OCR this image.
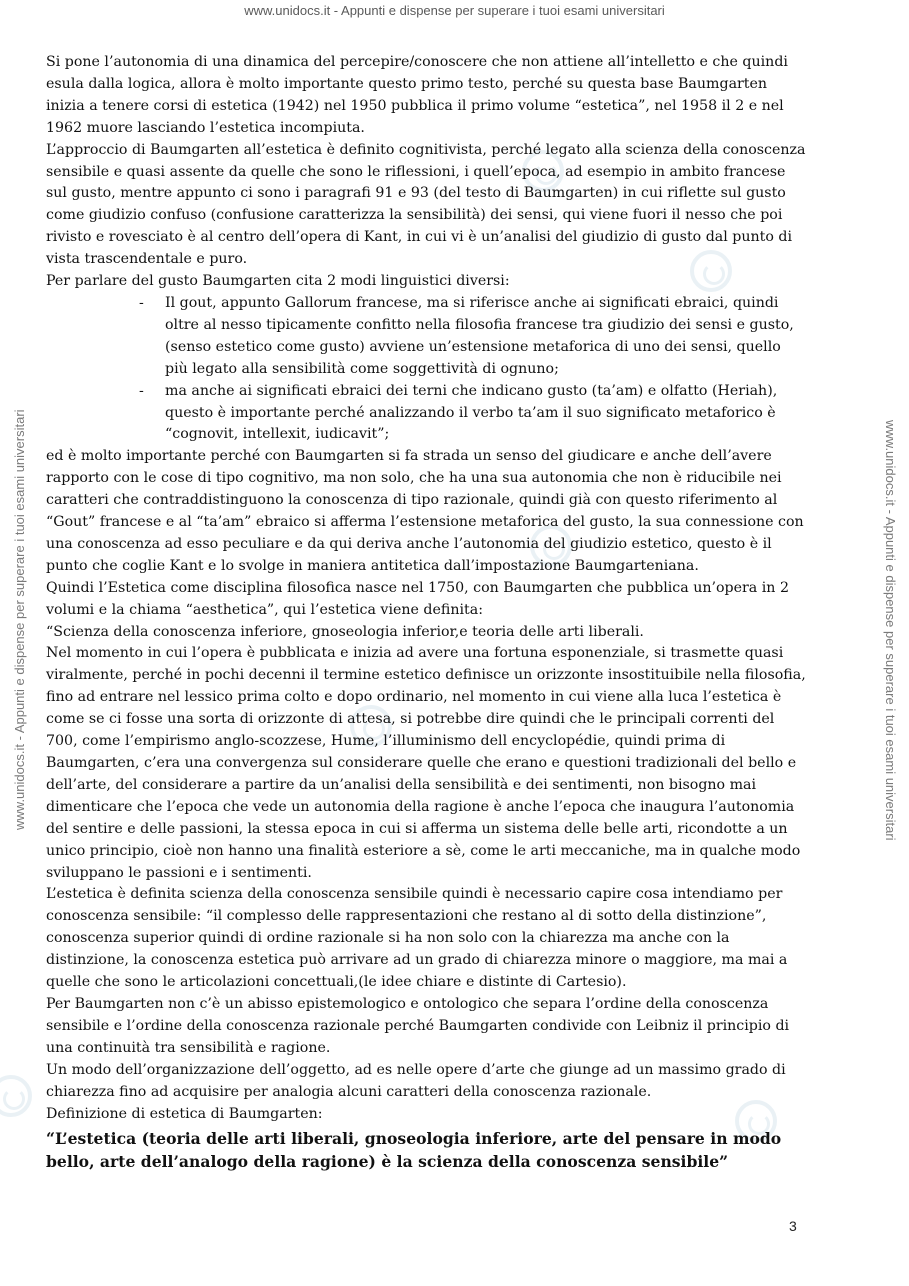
www.unidocs.it - Appunti e dispense per superare i tuoi esami universitari
www.unidocs.it - Appunti e dispense per superare i tuoi esami universitari	www.unidocs.it - Appunti e dispense per superare i tuoi esami universitari

Si pone l’autonomia di una dinamica del percepire/conoscere che non attiene all’intelletto e che quindi esula dalla logica, allora è molto importante questo primo testo, perché su questa base Baumgarten inizia a tenere corsi di estetica (1942) nel 1950 pubblica il primo volume “estetica”, nel 1958 il 2 e nel 1962 muore lasciando l’estetica incompiuta.

L’approccio di Baumgarten all’estetica è definito cognitivista, perché legato alla scienza della conoscenza sensibile e quasi assente da quelle che sono le riflessioni, i quell’epoca, ad esempio in ambito francese sul gusto, mentre appunto ci sono i paragrafi 91 e 93 (del testo di Baumgarten) in cui riflette sul gusto come giudizio confuso (confusione caratterizza la sensibilità) dei sensi, qui viene fuori il nesso che poi rivisto e rovesciato è al centro dell’opera di Kant, in cui vi è un’analisi del giudizio di gusto dal punto di vista trascendentale e puro.

Per parlare del gusto Baumgarten cita 2 modi linguistici diversi:

- Il gout, appunto Gallorum francese, ma si riferisce anche ai significati ebraici, quindi oltre al nesso tipicamente confitto nella filosofia francese tra giudizio dei sensi e gusto, (senso estetico come gusto) avviene un’estensione metaforica di uno dei sensi, quello più legato alla sensibilità come soggettività di ognuno;
- ma anche ai significati ebraici dei terni che indicano gusto (ta’am) e olfatto (Heriah), questo è importante perché analizzando il verbo ta’am il suo significato metaforico è “cognovit, intellexit, iudicavit”;

ed è molto importante perché con Baumgarten si fa strada un senso del giudicare e anche dell’avere rapporto con le cose di tipo cognitivo, ma non solo, che ha una sua autonomia che non è riducibile nei caratteri che contraddistinguono la conoscenza di tipo razionale, quindi già con questo riferimento al “Gout” francese e al “ta’am” ebraico si afferma l’estensione metaforica del gusto, la sua connessione con una conoscenza ad esso peculiare e da qui deriva anche l’autonomia del giudizio estetico, questo è il punto che coglie Kant e lo svolge in maniera antitetica dall’impostazione Baumgarteniana.

Quindi l’Estetica come disciplina filosofica nasce nel 1750, con Baumgarten che pubblica un’opera in 2 volumi e la chiama “aesthetica”, qui l’estetica viene definita:

“Scienza della conoscenza inferiore, gnoseologia inferior,e teoria delle arti liberali.

Nel momento in cui l’opera è pubblicata e inizia ad avere una fortuna esponenziale, si trasmette quasi viralmente, perché in pochi decenni il termine estetico definisce un orizzonte insostituibile nella filosofia, fino ad entrare nel lessico prima colto e dopo ordinario, nel momento in cui viene alla luca l’estetica è come se ci fosse una sorta di orizzonte di attesa, si potrebbe dire quindi che le principali correnti del 700, come l’empirismo anglo-scozzese, Hume, l’illuminismo dell encyclopédie, quindi prima di Baumgarten, c’era una convergenza sul considerare quelle che erano e questioni tradizionali del bello e dell’arte, del considerare a partire da un’analisi della sensibilità e dei sentimenti, non bisogno mai dimenticare che l’epoca che vede un autonomia della ragione è anche l’epoca che inaugura l’autonomia del sentire e delle passioni, la stessa epoca in cui si afferma un sistema delle belle arti, ricondotte a un unico principio, cioè non hanno una finalità esteriore a sè, come le arti meccaniche, ma in qualche modo sviluppano le passioni e i sentimenti.

L’estetica è definita scienza della conoscenza sensibile quindi è necessario capire cosa intendiamo per conoscenza sensibile: “il complesso delle rappresentazioni che restano al di sotto della distinzione”, conoscenza superior quindi di ordine razionale si ha non solo con la chiarezza ma anche con la distinzione, la conoscenza estetica può arrivare ad un grado di chiarezza minore o maggiore, ma mai a quelle che sono le articolazioni concettuali,(le idee chiare e distinte di Cartesio).

Per Baumgarten non c’è un abisso epistemologico e ontologico che separa l’ordine della conoscenza sensibile e l’ordine della conoscenza razionale perché Baumgarten condivide con Leibniz il principio di una continuità tra sensibilità e ragione.

Un modo dell’organizzazione dell’oggetto, ad es nelle opere d’arte che giunge ad un massimo grado di chiarezza fino ad acquisire per analogia alcuni caratteri della conoscenza razionale.

Definizione di estetica di Baumgarten:

“L’estetica (teoria delle arti liberali, gnoseologia inferiore, arte del pensare in modo bello, arte dell’analogo della ragione) è la scienza della conoscenza sensibile”

3
